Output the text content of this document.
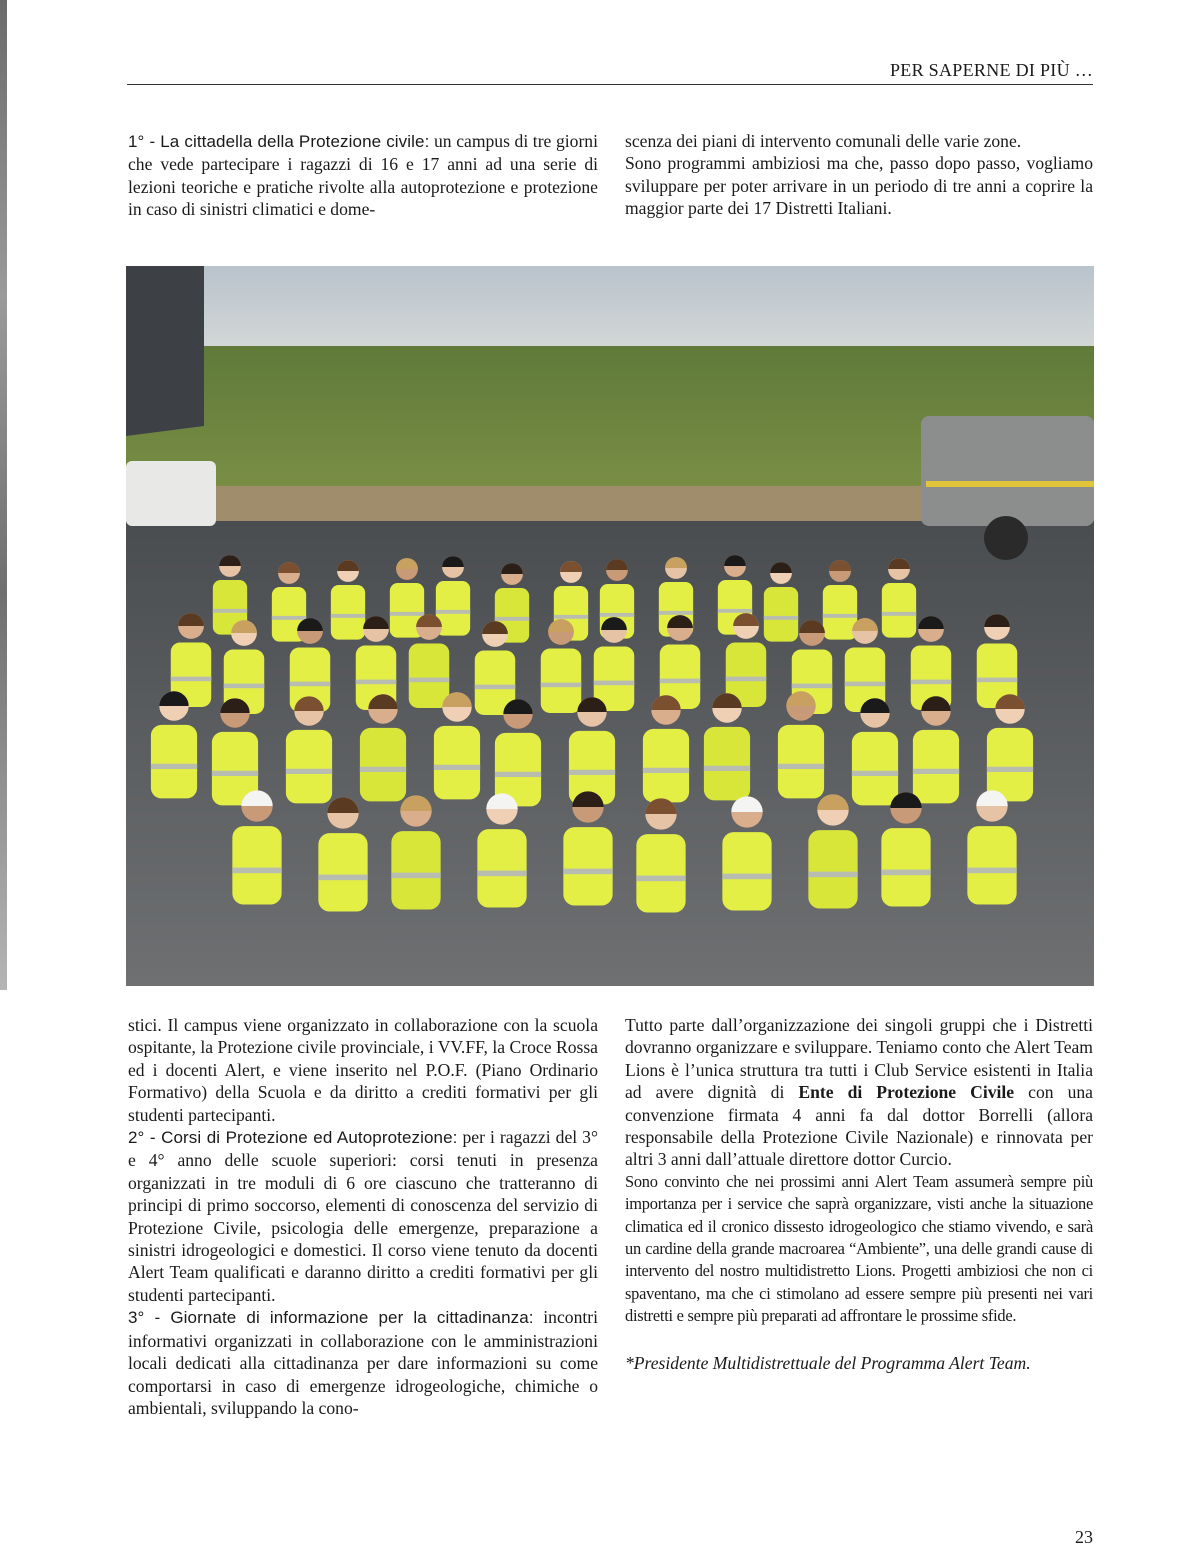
PER SAPERNE DI PIÙ …

1° - La cittadella della Protezione civile: un campus di tre giorni che vede partecipare i ragazzi di 16 e 17 anni ad una serie di lezioni teoriche e pratiche rivolte alla autoprotezione e protezione in caso di sinistri climatici e dome-

scenza dei piani di intervento comunali delle varie zone.

Sono programmi ambiziosi ma che, passo dopo passo, vogliamo sviluppare per poter arrivare in un periodo di tre anni a coprire la maggior parte dei 17 Distretti Italiani.

stici. Il campus viene organizzato in collaborazione con la scuola ospitante, la Protezione civile provinciale, i VV.FF, la Croce Rossa ed i docenti Alert, e viene inserito nel P.O.F. (Piano Ordinario Formativo) della Scuola e da diritto a crediti formativi per gli studenti partecipanti.

2° - Corsi di Protezione ed Autoprotezione: per i ragazzi del 3° e 4° anno delle scuole superiori: corsi tenuti in presenza organizzati in tre moduli di 6 ore ciascuno che tratteranno di principi di primo soccorso, elementi di conoscenza del servizio di Protezione Civile, psicologia delle emergenze, preparazione a sinistri idrogeologici e domestici. Il corso viene tenuto da docenti Alert Team qualificati e daranno diritto a crediti formativi per gli studenti partecipanti.

3° - Giornate di informazione per la cittadinanza: incontri informativi organizzati in collaborazione con le amministrazioni locali dedicati alla cittadinanza per dare informazioni su come comportarsi in caso di emergenze idrogeologiche, chimiche o ambientali, sviluppando la cono-

Tutto parte dall’organizzazione dei singoli gruppi che i Distretti dovranno organizzare e sviluppare. Teniamo conto che Alert Team Lions è l’unica struttura tra tutti i Club Service esistenti in Italia ad avere dignità di Ente di Protezione Civile con una convenzione firmata 4 anni fa dal dottor Borrelli (allora responsabile della Protezione Civile Nazionale) e rinnovata per altri 3 anni dall’attuale direttore dottor Curcio.

Sono convinto che nei prossimi anni Alert Team assumerà sempre più importanza per i service che saprà organizzare, visti anche la situazione climatica ed il cronico dissesto idrogeologico che stiamo vivendo, e sarà un cardine della grande macroarea “Ambiente”, una delle grandi cause di intervento del nostro multidistretto Lions. Progetti ambiziosi che non ci spaventano, ma che ci stimolano ad essere sempre più presenti nei vari distretti e sempre più preparati ad affrontare le prossime sfide.

*Presidente Multidistrettuale del Programma Alert Team.

23
